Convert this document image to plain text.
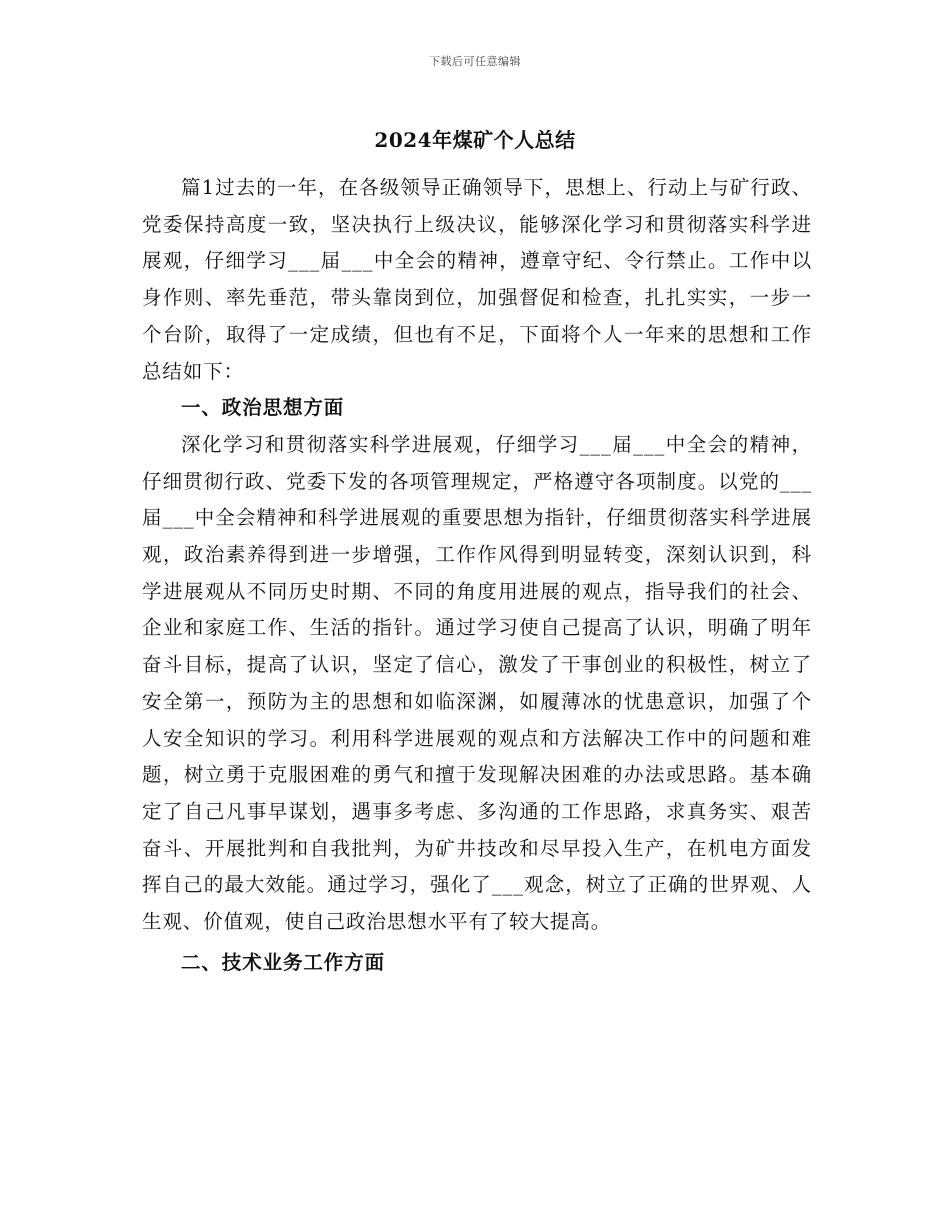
下载后可任意编辑
2024年煤矿个人总结

篇1过去的一年，在各级领导正确领导下，思想上、行动上与矿行政、党委保持高度一致，坚决执行上级决议，能够深化学习和贯彻落实科学进展观，仔细学习___届___中全会的精神，遵章守纪、令行禁止。工作中以身作则、率先垂范，带头靠岗到位，加强督促和检查，扎扎实实，一步一个台阶，取得了一定成绩，但也有不足，下面将个人一年来的思想和工作总结如下：

一、政治思想方面

深化学习和贯彻落实科学进展观，仔细学习___届___中全会的精神，仔细贯彻行政、党委下发的各项管理规定，严格遵守各项制度。以党的___届___中全会精神和科学进展观的重要思想为指针，仔细贯彻落实科学进展观，政治素养得到进一步增强，工作作风得到明显转变，深刻认识到，科学进展观从不同历史时期、不同的角度用进展的观点，指导我们的社会、企业和家庭工作、生活的指针。通过学习使自己提高了认识，明确了明年奋斗目标，提高了认识，坚定了信心，激发了干事创业的积极性，树立了安全第一，预防为主的思想和如临深渊，如履薄冰的忧患意识，加强了个人安全知识的学习。利用科学进展观的观点和方法解决工作中的问题和难题，树立勇于克服困难的勇气和擅于发现解决困难的办法或思路。基本确定了自己凡事早谋划，遇事多考虑、多沟通的工作思路，求真务实、艰苦奋斗、开展批判和自我批判，为矿井技改和尽早投入生产，在机电方面发挥自己的最大效能。通过学习，强化了___观念，树立了正确的世界观、人生观、价值观，使自己政治思想水平有了较大提高。

二、技术业务工作方面
